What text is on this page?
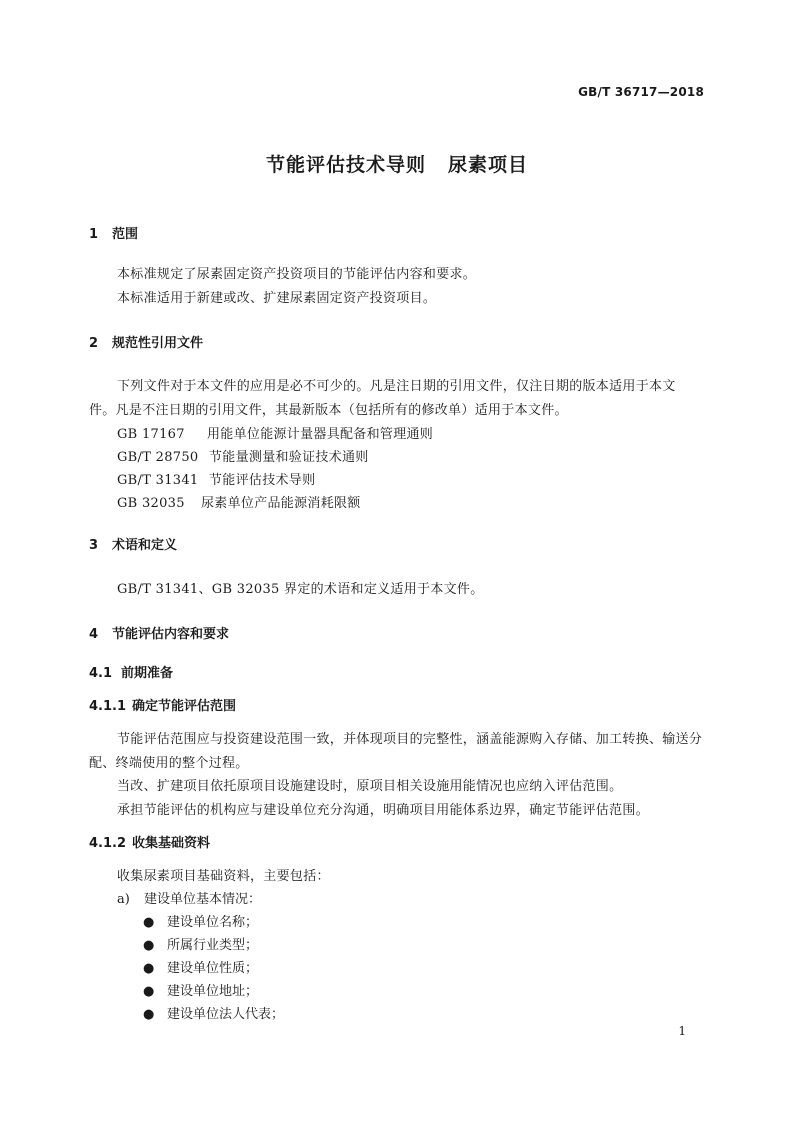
GB/T 36717—2018
节能评估技术导则 尿素项目
1 范围
本标准规定了尿素固定资产投资项目的节能评估内容和要求。
本标准适用于新建或改、扩建尿素固定资产投资项目。
2 规范性引用文件
下列文件对于本文件的应用是必不可少的。凡是注日期的引用文件，仅注日期的版本适用于本文
件。凡是不注日期的引用文件，其最新版本（包括所有的修改单）适用于本文件。
GB 17167 用能单位能源计量器具配备和管理通则
GB/T 28750 节能量测量和验证技术通则
GB/T 31341 节能评估技术导则
GB 32035 尿素单位产品能源消耗限额
3 术语和定义
GB/T 31341、GB 32035 界定的术语和定义适用于本文件。
4 节能评估内容和要求
4.1 前期准备
4.1.1 确定节能评估范围
节能评估范围应与投资建设范围一致，并体现项目的完整性，涵盖能源购入存储、加工转换、输送分
配、终端使用的整个过程。
当改、扩建项目依托原项目设施建设时，原项目相关设施用能情况也应纳入评估范围。
承担节能评估的机构应与建设单位充分沟通，明确项目用能体系边界，确定节能评估范围。
4.1.2 收集基础资料
收集尿素项目基础资料，主要包括：
a) 建设单位基本情况：
● 建设单位名称；
● 所属行业类型；
● 建设单位性质；
● 建设单位地址；
● 建设单位法人代表；
1
